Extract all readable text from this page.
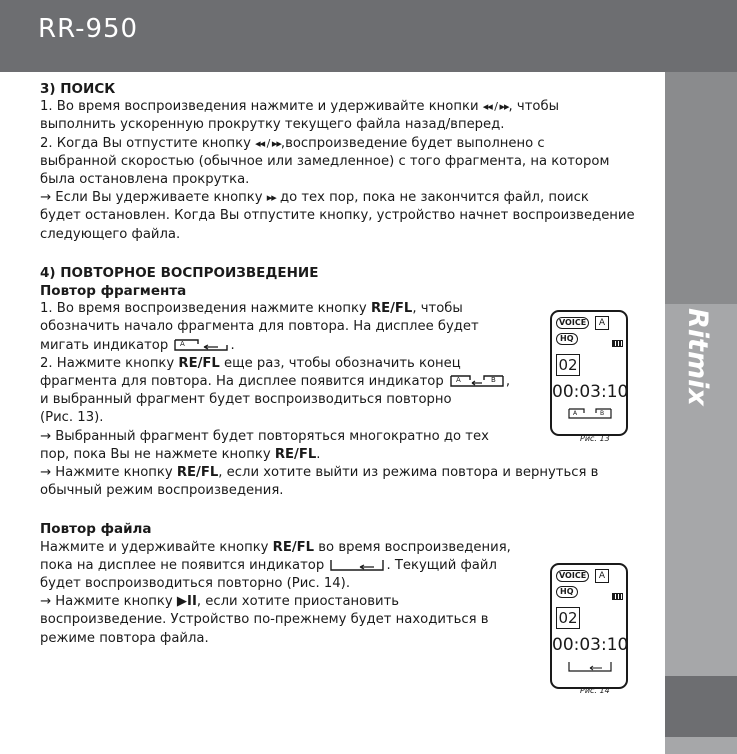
RR-950
Ritmix

3) ПОИСК

1. Во время воспроизведения нажмите и удерживайте кнопки ◂◂ / ▸▸, чтобы

выполнить ускоренную прокрутку текущего файла назад/вперед.

2. Когда Вы отпустите кнопку ◂◂ / ▸▸,воспроизведение будет выполнено с

выбранной скоростью (обычное или замедленное) с того фрагмента, на котором

была остановлена прокрутка.

→ Если Вы удерживаете кнопку ▸▸ до тех пор, пока не закончится файл, поиск

будет остановлен. Когда Вы отпустите кнопку, устройство начнет воспроизведение

следующего файла.

4) ПОВТОРНОЕ ВОСПРОИЗВЕДЕНИЕ

Повтор фрагмента

1. Во время воспроизведения нажмите кнопку RE/FL, чтобы

обозначить начало фрагмента для повтора. На дисплее будет

мигать индикатор A	.

2. Нажмите кнопку RE/FL еще раз, чтобы обозначить конец

фрагмента для повтора. На дисплее появится индикатор A	B ,

и выбранный фрагмент будет воспроизводиться повторно

(Рис. 13).

→ Выбранный фрагмент будет повторяться многократно до тех

пор, пока Вы не нажмете кнопку RE/FL.

→ Нажмите кнопку RE/FL, если хотите выйти из режима повтора и вернуться в

обычный режим воспроизведения.

Повтор файла

Нажмите и удерживайте кнопку RE/FL во время воспроизведения,

пока на дисплее не появится индикатор	. Текущий файл

будет воспроизводиться повторно (Рис. 14).

→ Нажмите кнопку ▶II, если хотите приостановить

воспроизведение. Устройство по-прежнему будет находиться в

режиме повтора файла.

VOICE	A
HQ
02
00:03:10
A	B
Рис. 13
VOICE	A
HQ
02
00:03:10
Рис. 14
